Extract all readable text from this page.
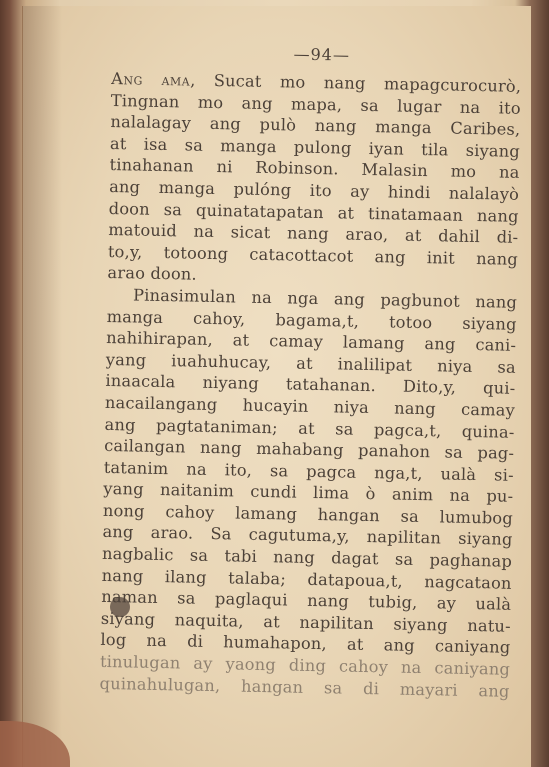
—94—

Ang ama, Sucat mo nang mapagcurocurò,
Tingnan mo ang mapa, sa lugar na ito
nalalagay ang pulò nang manga Caribes,
at isa sa manga pulong iyan tila siyang
tinahanan ni Robinson. Malasin mo na
ang manga pulóng ito ay hindi nalalayò
doon sa quinatatapatan at tinatamaan nang
matouid na sicat nang arao, at dahil di-
to,y, totoong catacottacot ang init nang
arao doon.

Pinasimulan na nga ang pagbunot nang
manga cahoy, bagama,t, totoo siyang
nahihirapan, at camay lamang ang cani-
yang iuahuhucay, at inalilipat niya sa
inaacala niyang tatahanan. Dito,y, qui-
nacailangang hucayin niya nang camay
ang pagtataniman; at sa pagca,t, quina-
cailangan nang mahabang panahon sa pag-
tatanim na ito, sa pagca nga,t, ualà si-
yang naitanim cundi lima ò anim na pu-
nong cahoy lamang hangan sa lumubog
ang arao. Sa cagutuma,y, napilitan siyang
nagbalic sa tabi nang dagat sa paghanap
nang ilang talaba; datapoua,t, nagcataon
naman sa paglaqui nang tubig, ay ualà
siyang naquita, at napilitan siyang natu-
log na di humahapon, at ang caniyang
tinulugan ay yaong ding cahoy na caniyang
quinahulugan, hangan sa di mayari ang
